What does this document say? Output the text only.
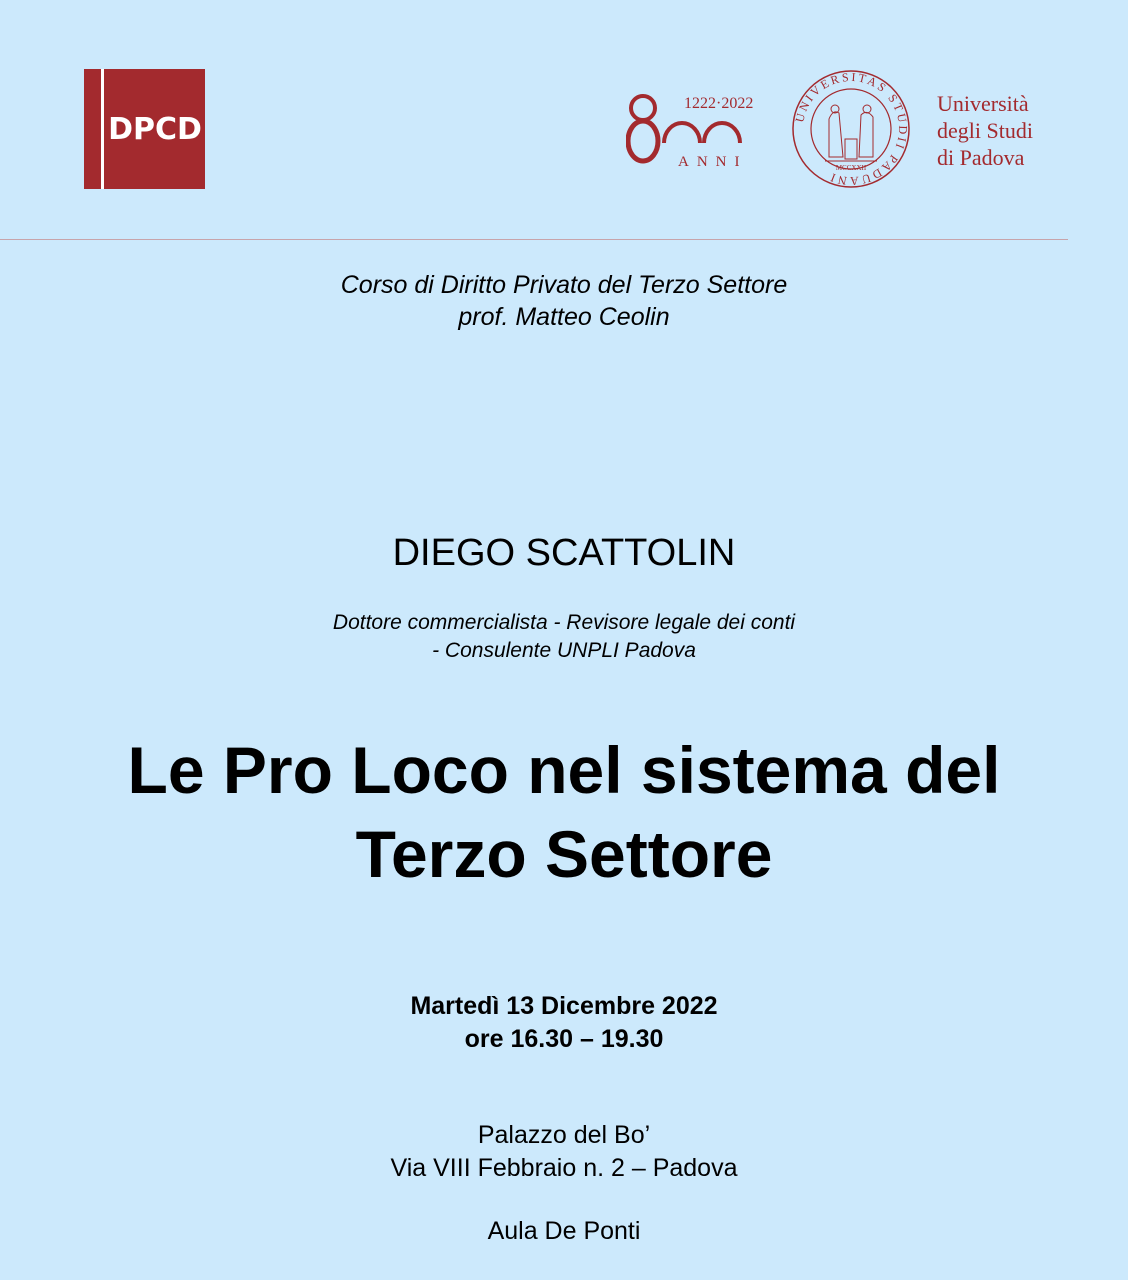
DPCD
1222·2022
ANNI
UNIVERSITAS STUDII PADUANI
MCCXXII
Università
degli Studi
di Padova
Corso di Diritto Privato del Terzo Settore
prof. Matteo Ceolin
DIEGO SCATTOLIN
Dottore commercialista - Revisore legale dei conti
- Consulente UNPLI Padova
Le Pro Loco nel sistema del
Terzo Settore
Martedì 13 Dicembre 2022
ore 16.30 – 19.30
Palazzo del Bo’
Via VIII Febbraio n. 2 – Padova
Aula De Ponti
